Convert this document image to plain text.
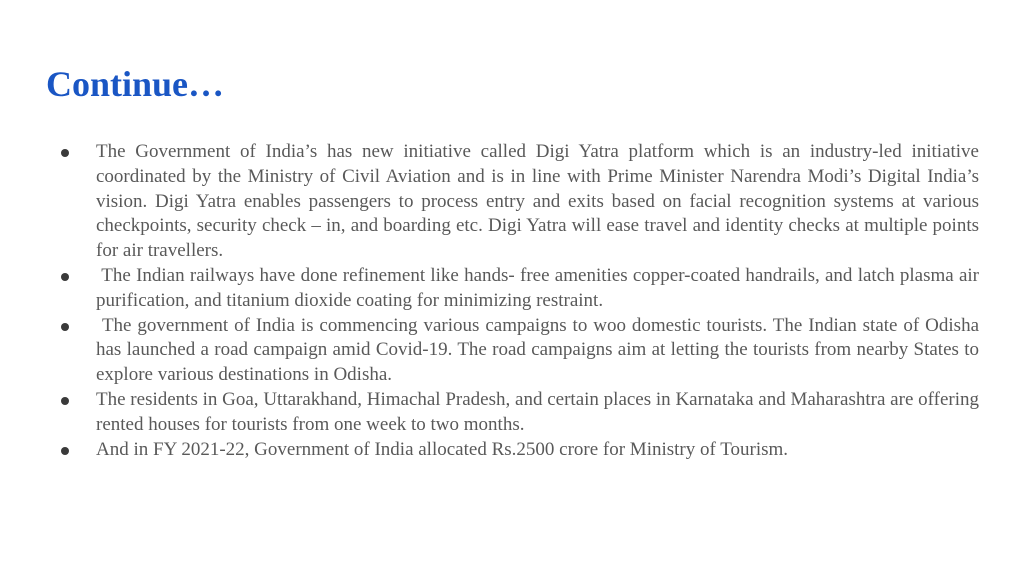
Continue…
The Government of India’s has new initiative called Digi Yatra platform which is an industry-led initiative coordinated by the Ministry of Civil Aviation and is in line with Prime Minister Narendra Modi’s Digital India’s vision. Digi Yatra enables passengers to process entry and exits based on facial recognition systems at various checkpoints, security check – in, and boarding etc. Digi Yatra will ease travel and identity checks at multiple points for air travellers.
The Indian railways have done refinement like hands- free amenities copper-coated handrails, and latch plasma air purification, and titanium dioxide coating for minimizing restraint.
The government of India is commencing various campaigns to woo domestic tourists. The Indian state of Odisha has launched a road campaign amid Covid-19. The road campaigns aim at letting the tourists from nearby States to explore various destinations in Odisha.
The residents in Goa, Uttarakhand, Himachal Pradesh, and certain places in Karnataka and Maharashtra are offering rented houses for tourists from one week to two months.
And in FY 2021-22, Government of India allocated Rs.2500 crore for Ministry of Tourism.
